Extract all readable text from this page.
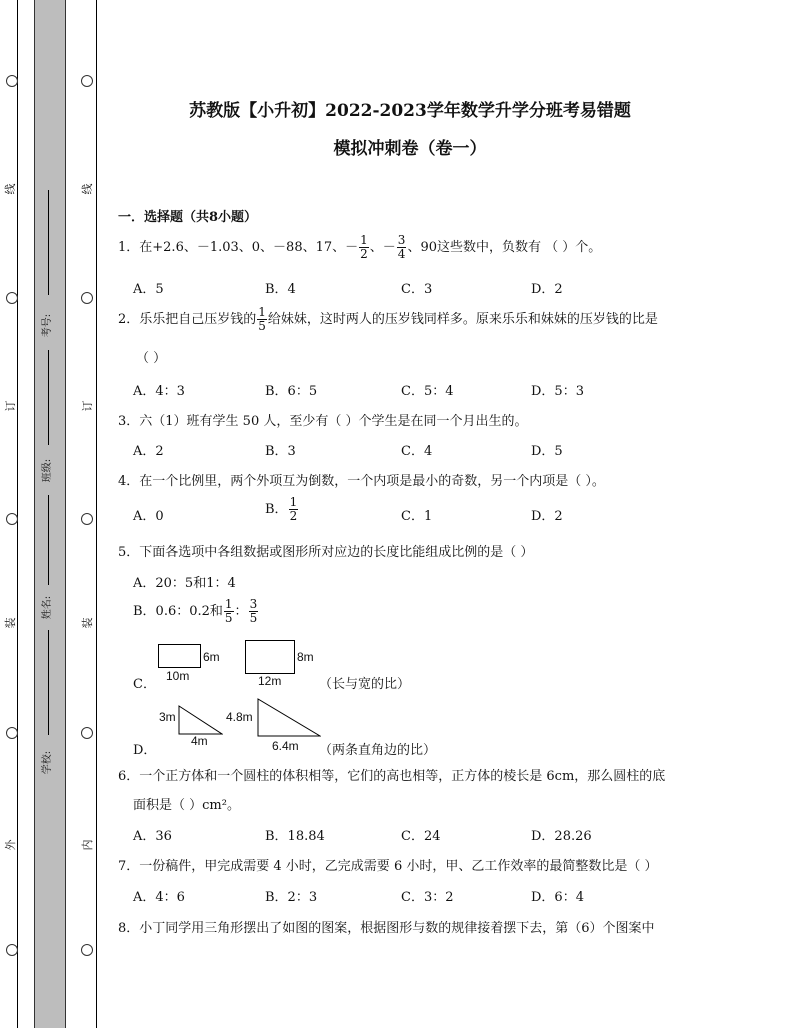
线
订
装
外
线
订
装
内
考号:
班级:
姓名:
学校:
苏教版【小升初】2022-2023学年数学升学分班考易错题
模拟冲刺卷（卷一）
一．选择题（共8小题）
1．在+2.6、－1.03、0、－88、17、－ $\frac{1}{2}$ 、－ $\frac{3}{4}$ 、90这些数中，负数有 （ ）个。
A．5	B．4	C．3	D．2
2．乐乐把自己压岁钱的 $\frac{1}{5}$ 给妹妹，这时两人的压岁钱同样多。原来乐乐和妹妹的压岁钱的比是
（ ）
A．4：3	B．6：5	C．5：4	D．5：3
3．六（1）班有学生 50 人，至少有（ ）个学生是在同一个月出生的。
A．2	B．3	C．4	D．5
4．在一个比例里，两个外项互为倒数，一个内项是最小的奇数，另一个内项是（ ）。
A．0	B． $\frac{1}{2}$	C．1	D．2
5．下面各选项中各组数据或图形所对应边的长度比能组成比例的是（ ）
A．20：5和1：4
B．0.6：0.2和 $\frac{1}{5}$ ： $\frac{3}{5}$
C．
6m
10m
8m
12m	（长与宽的比）
D．
3m
4m
4.8m
6.4m （两条直角边的比）
6．一个正方体和一个圆柱的体积相等，它们的高也相等，正方体的棱长是 6cm，那么圆柱的底
面积是（ ）cm²。
A．36	B．18.84	C．24	D．28.26
7．一份稿件，甲完成需要 4 小时，乙完成需要 6 小时，甲、乙工作效率的最简整数比是（ ）
A．4：6	B．2：3	C．3：2	D．6：4
8．小丁同学用三角形摆出了如图的图案，根据图形与数的规律接着摆下去，第（6）个图案中
